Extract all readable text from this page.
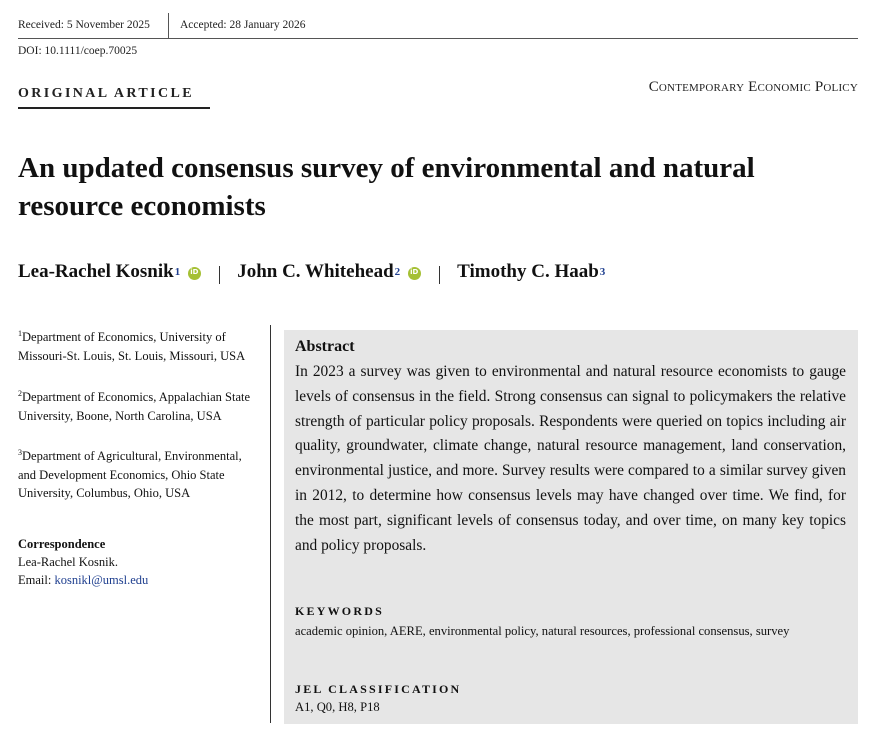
Received: 5 November 2025	Accepted: 28 January 2026
DOI: 10.1111/coep.70025
ORIGINAL ARTICLE	Contemporary Economic Policy
An updated consensus survey of environmental and natural resource economists
Lea-Rachel Kosnik$^1$ iD	John C. Whitehead$^2$ iD	Timothy C. Haab$^3$

$^1$Department of Economics, University of Missouri-St. Louis, St. Louis, Missouri, USA

$^2$Department of Economics, Appalachian State University, Boone, North Carolina, USA

$^3$Department of Agricultural, Environmental, and Development Economics, Ohio State University, Columbus, Ohio, USA

Correspondence
Lea-Rachel Kosnik.
Email: kosnikl@umsl.edu
Abstract

In 2023 a survey was given to environmental and natural resource economists to gauge levels of consensus in the field. Strong consensus can signal to policymakers the relative strength of particular policy proposals. Respondents were queried on topics including air quality, groundwater, climate change, natural resource management, land conservation, environmental justice, and more. Survey results were compared to a similar survey given in 2012, to determine how consensus levels may have changed over time. We find, for the most part, significant levels of consensus today, and over time, on many key topics and policy proposals.

KEYWORDS

academic opinion, AERE, environmental policy, natural resources, professional consensus, survey

JEL CLASSIFICATION
A1, Q0, H8, P18
